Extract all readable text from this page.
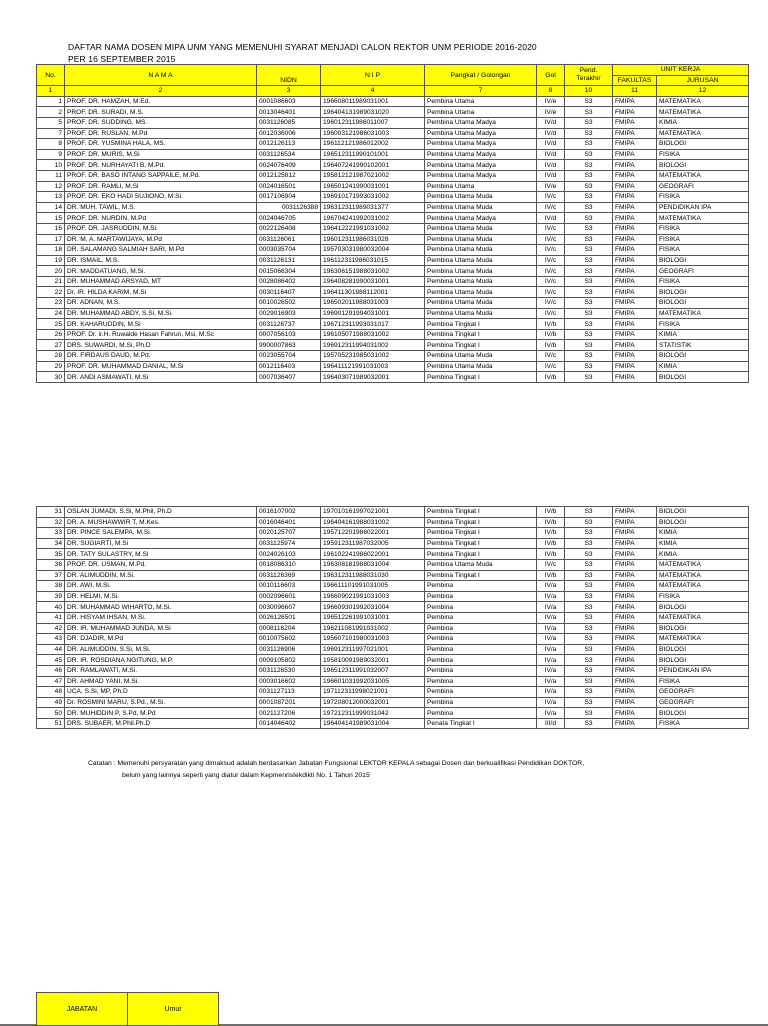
DAFTAR NAMA DOSEN MIPA UNM YANG MEMENUHI SYARAT MENJADI CALON REKTOR UNM PERIODE 2016-2020
PER 16 SEPTEMBER 2015
No.	N A M A	NIDN	N I P	Pangkat / Golongan	Gol	Pend. Terakhir	UNIT KERJA	
							FAKULTAS	JURUSAN
1	2	3	4	7	8	10	11	12
1	PROF. DR. HAMZAH, M.Ed.	0001086603	196608011989031001	Pembina Utama	IV/e	S3	FMIPA	MATEMATIKA
2	PROF. DR. SURADI, M.S.	0013046401	196404131989031020	Pembina Utama	IV/e	S3	FMIPA	MATEMATIKA
5	PROF. DR. SUDDING, MS.	0031126085	196012311986011007	Pembina Utama Madya	IV/d	S3	FMIPA	KIMIA
7	PROF. DR. RUSLAN, M.Pd	0012036006	196003121986031003	Pembina Utama Madya	IV/d	S3	FMIPA	MATEMATIKA
8	PROF. DR. YUSMINA HALA, MS.	0012126113	196112121986012002	Pembina Utama Madya	IV/d	S3	FMIPA	BIOLOGI
9	PROF. DR. MURIS, M.Si	0031126534	196512311990101001	Pembina Utama Madya	IV/d	S3	FMIPA	FISIKA
10	PROF. DR. NURHAYATI B, M.Pd.	0024076409	196407241990102001	Pembina Utama Madya	IV/d	S3	FMIPA	BIOLOGI
11	PROF. DR. BASO INTANG SAPPAILE, M.Pd.	0012125812	195812121987021002	Pembina Utama Madya	IV/d	S3	FMIPA	MATEMATIKA
12	PROF. DR. RAMLI, M.Si	0024016501	196501241990031001	Pembina Utama	IV/e	S3	FMIPA	GEOGRAFI
13	PROF. DR. EKO HADI SUJIONO, M.Si.	0017106904	196910171993031002	Pembina Utama Muda	IV/c	S3	FMIPA	FISIKA
14	DR. MUH. TAWIL, M.S.	0031126388	196312311989031377	Pembina Utama Muda	IV/c	S3	FMIPA	PENDIDIKAN IPA
15	PROF. DR. NURDIN, M.Pd	0024046705	196704241992031002	Pembina Utama Madya	IV/d	S3	FMIPA	MATEMATIKA
16	PROF. DR. JASRUDDIN, M.Si.	0022126408	196412221991031002	Pembina Utama Muda	IV/c	S3	FMIPA	FISIKA
17	DR. M. A. MARTAWIJAYA, M.Pd	0031126061	196012311986031028	Pembina Utama Muda	IV/c	S3	FMIPA	FISIKA
18	DR. SALAMANG SALMIAH SARI, M.Pd	0003035704	195703031980032004	Pembina Utama Muda	IV/c	S3	FMIPA	FISIKA
19	DR. ISMAIL, M.S.	0031126131	196112311986031015	Pembina Utama Muda	IV/c	S3	FMIPA	BIOLOGI
20	DR. MADDATUANG, M.Si.	0015066304	196306151988031002	Pembina Utama Muda	IV/c	S3	FMIPA	GEOGRAFI
21	DR. MUHAMMAD ARSYAD, MT	0028086402	196408281990031001	Pembina Utama Muda	IV/c	S3	FMIPA	FISIKA
22	Dr. IR. HILDA KARIM, M.Si	0030116407	196411301988112001	Pembina Utama Muda	IV/c	S3	FMIPA	BIOLOGI
23	DR. ADNAN, M.S.	0010026502	196502011988031003	Pembina Utama Muda	IV/c	S3	FMIPA	BIOLOGI
24	DR. MUHAMMAD ABDY, S.Si, M.Si.	0029016903	196901291994031001	Pembina Utama Muda	IV/c	S3	FMIPA	MATEMATIKA
25	DR. KAHARUDDIN, M.Si	0031126737	196712311993031017	Pembina Tingkat I	IV/b	S3	FMIPA	FISIKA
26	PROF. Dr. ir.H. Ruwalde Hasan Fahrun, Msi, M.Sc	0007056103	196105071988031002	Pembina Tingkat I	IV/b	S3	FMIPA	KIMIA
27	DRS. SUWARDI, M.Si, Ph.D	9900007863	196912311994031002	Pembina Tingkat I	IV/b	S3	FMIPA	STATISTIK
28	DR. FIRDAUS DAUD, M.Pd.	0023055704	195705231985031002	Pembina Utama Muda	IV/c	S3	FMIPA	BIOLOGI
29	PROF. DR. MUHAMMAD DANIAL, M.Si	0012116403	196411121991031003	Pembina Utama Muda	IV/c	S3	FMIPA	KIMIA
30	DR. ANDI ASMAWATI, M.Si	0007036407	196403071989032001	Pembina Tingkat I	IV/b	S3	FMIPA	BIOLOGI
31	OSLAN JUMADI, S.Si, M.Phil, Ph.D	0016107002	197010161997021001	Pembina Tingkat I	IV/b	S3	FMIPA	BIOLOGI
32	DR. A. MUSHAWWIR T, M.Kes.	0016046401	196404161988031002	Pembina Tingkat I	IV/b	S3	FMIPA	BIOLOGI
33	DR. PINCE SALEMPA, M.Si.	0020125707	195712201986022001	Pembina Tingkat I	IV/b	S3	FMIPA	KIMIA
34	DR. SUGIARTI, M.Si	0031125974	195912311987032005	Pembina Tingkat I	IV/b	S3	FMIPA	KIMIA
35	DR. TATY SULASTRY, M.Si	0024026103	196102241986022001	Pembina Tingkat I	IV/b	S3	FMIPA	KIMIA
36	PROF. DR. USMAN, M.Pd.	0018086310	196308181988031004	Pembina Utama Muda	IV/c	S3	FMIPA	MATEMATIKA
37	DR. ALIMUDDIN, M.Si.	0031126369	196312311988031030	Pembina Tingkat I	IV/b	S3	FMIPA	MATEMATIKA
38	DR. AWI, M.Si.	0010116603	196611101991031005	Pembina	IV/a	S3	FMIPA	MATEMATIKA
39	DR. HELMI, M.Si.	0002096601	196609021991031003	Pembina	IV/a	S3	FMIPA	FISIKA
40	DR. MUHAMMAD WIHARTO, M.Si.	0030096607	196609301992031004	Pembina	IV/a	S3	FMIPA	BIOLOGI
41	DR. HISYAM IHSAN, M.Si.	0026126501	196512261991031001	Pembina	IV/a	S3	FMIPA	MATEMATIKA
42	DR. IR. MUHAMMAD JUNDA, M.Si	0008116204	196211081991031002	Pembina	IV/a	S3	FMIPA	BIOLOGI
43	DR. DJADIR, M.Pd	0010075602	195607101980031003	Pembina	IV/a	S3	FMIPA	MATEMATIKA
44	DR. ALIMUDDIN, S.Si, M.Si.	0031126906	196912311997021001	Pembina	IV/a	S3	FMIPA	BIOLOGI
45	DR. IR. ROSDIANA NGITUNG, M.P.	0009105802	195810091989032001	Pembina	IV/a	S3	FMIPA	BIOLOGI
46	DR. RAMLAWATI, M.Si.	0031126530	196512311991032007	Pembina	IV/a	S3	FMIPA	PENDIDIKAN IPA
47	DR. AHMAD YANI, M.Si.	0003016602	196601031992031005	Pembina	IV/a	S3	FMIPA	FISIKA
48	UCA, S.Si, MP, Ph.D	0031127113	197112311998021001	Pembina	IV/a	S3	FMIPA	GEOGRAFI
49	Dr. ROSMINI MARU, S.Pd., M.Si.	0001087201	197208012000032001	Pembina	IV/a	S3	FMIPA	GEOGRAFI
50	DR. MUHIDDIN P, S.Pd, M.Pd	0021127206	197212311999031042	Pembina	IV/a	S3	FMIPA	BIOLOGI
51	DRS. SUBAER, M.Phil.Ph.D	0014046402	196404141989031004	Penata Tingkat I	III/d	S3	FMIPA	FISIKA
Catatan : Memenuhi persyaratan yang dimaksud adalah berdasarkan Jabatan Fungsional LEKTOR KEPALA sebagai Dosen dan berkualifikasi Pendidikan DOKTOR,
belum yang lainnya seperti yang diatur dalam Kepmenristekdikti No. 1 Tahun 2015
JABATAN	Umur
